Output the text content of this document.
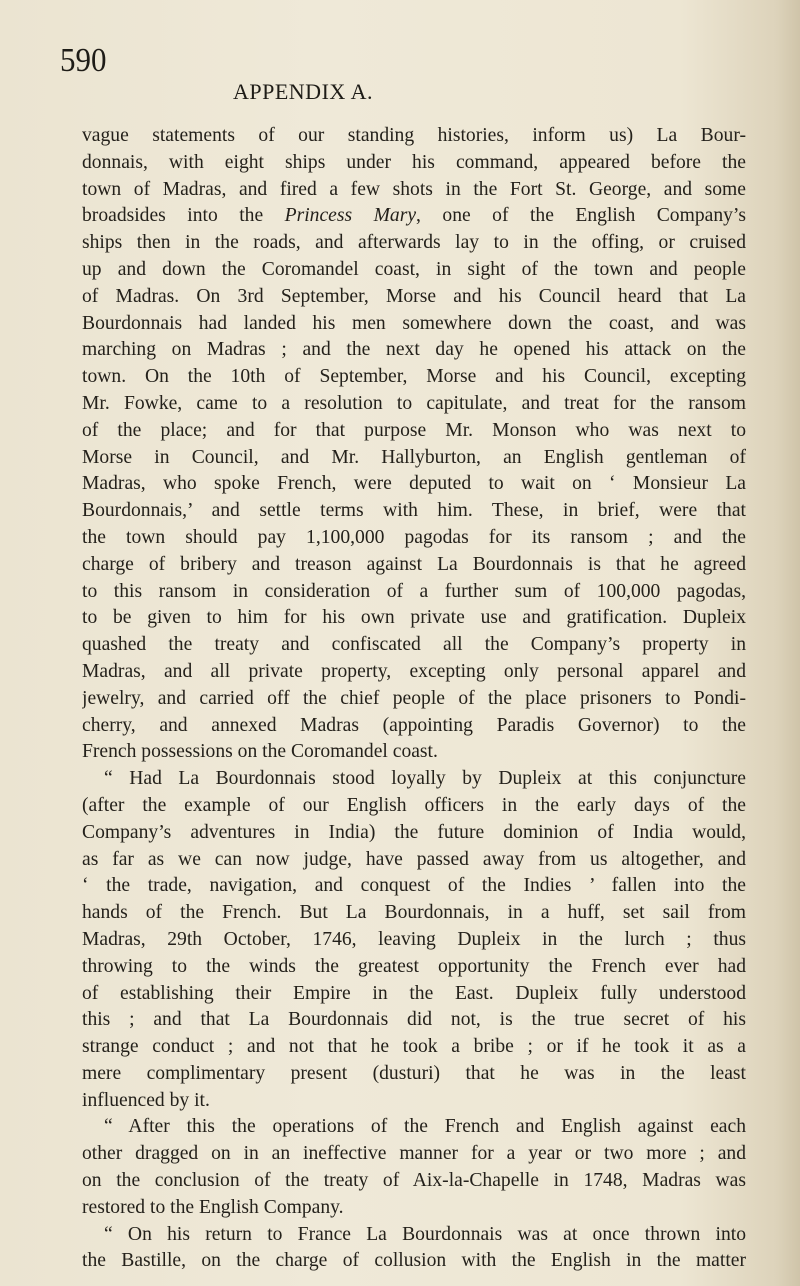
590
APPENDIX A.
vague statements of our standing histories, inform us) La Bour-
donnais, with eight ships under his command, appeared before the
town of Madras, and fired a few shots in the Fort St. George, and some
broadsides into the Princess Mary, one of the English Company’s
ships then in the roads, and afterwards lay to in the offing, or cruised
up and down the Coromandel coast, in sight of the town and people
of Madras. On 3rd September, Morse and his Council heard that La
Bourdonnais had landed his men somewhere down the coast, and was
marching on Madras ; and the next day he opened his attack on the
town. On the 10th of September, Morse and his Council, excepting
Mr. Fowke, came to a resolution to capitulate, and treat for the ransom
of the place; and for that purpose Mr. Monson who was next to
Morse in Council, and Mr. Hallyburton, an English gentleman of
Madras, who spoke French, were deputed to wait on ‘ Monsieur La
Bourdonnais,’ and settle terms with him. These, in brief, were that
the town should pay 1,100,000 pagodas for its ransom ; and the
charge of bribery and treason against La Bourdonnais is that he agreed
to this ransom in consideration of a further sum of 100,000 pagodas,
to be given to him for his own private use and gratification. Dupleix
quashed the treaty and confiscated all the Company’s property in
Madras, and all private property, excepting only personal apparel and
jewelry, and carried off the chief people of the place prisoners to Pondi-
cherry, and annexed Madras (appointing Paradis Governor) to the
French possessions on the Coromandel coast.
“ Had La Bourdonnais stood loyally by Dupleix at this conjuncture
(after the example of our English officers in the early days of the
Company’s adventures in India) the future dominion of India would,
as far as we can now judge, have passed away from us altogether, and
‘ the trade, navigation, and conquest of the Indies ’ fallen into the
hands of the French. But La Bourdonnais, in a huff, set sail from
Madras, 29th October, 1746, leaving Dupleix in the lurch ; thus
throwing to the winds the greatest opportunity the French ever had
of establishing their Empire in the East. Dupleix fully understood
this ; and that La Bourdonnais did not, is the true secret of his
strange conduct ; and not that he took a bribe ; or if he took it as a
mere complimentary present (dusturi) that he was in the least
influenced by it.
“ After this the operations of the French and English against each
other dragged on in an ineffective manner for a year or two more ; and
on the conclusion of the treaty of Aix-la-Chapelle in 1748, Madras was
restored to the English Company.
“ On his return to France La Bourdonnais was at once thrown into
the Bastille, on the charge of collusion with the English in the matter
